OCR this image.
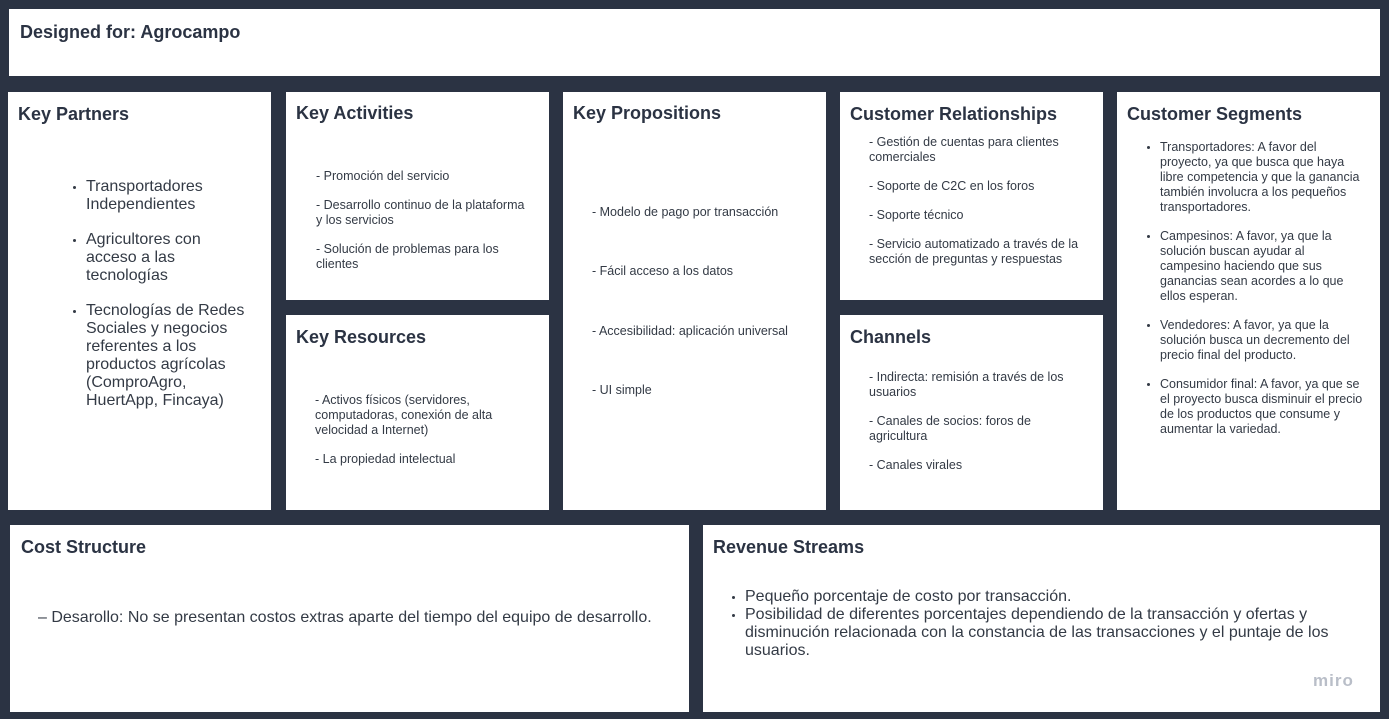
Designed for: Agrocampo
Key Partners
• Transportadores Independientes
• Agricultores con acceso a las tecnologías
• Tecnologías de Redes Sociales y negocios referentes a los productos agrícolas (ComproAgro, HuertApp, Fincaya)
Key Activities
- Promoción del servicio
- Desarrollo continuo de la plataforma y los servicios
- Solución de problemas para los clientes
Key Resources
- Activos físicos (servidores, computadoras, conexión de alta velocidad a Internet)
- La propiedad intelectual
Key Propositions
- Modelo de pago por transacción
- Fácil acceso a los datos
- Accesibilidad: aplicación universal
- UI simple
Customer Relationships
- Gestión de cuentas para clientes comerciales
- Soporte de C2C en los foros
- Soporte técnico
- Servicio automatizado a través de la sección de preguntas y respuestas
Channels
- Indirecta: remisión a través de los usuarios
- Canales de socios: foros de agricultura
- Canales virales
Customer Segments
• Transportadores: A favor del proyecto, ya que busca que haya libre competencia y que la ganancia también involucra a los pequeños transportadores.
• Campesinos: A favor, ya que la solución buscan ayudar al campesino haciendo que sus ganancias sean acordes a lo que ellos esperan.
• Vendedores: A favor, ya que la solución busca un decremento del precio final del producto.
• Consumidor final: A favor, ya que se el proyecto busca disminuir el precio de los productos que consume y aumentar la variedad.
Cost Structure
– Desarollo: No se presentan costos extras aparte del tiempo del equipo de desarrollo.
Revenue Streams
• Pequeño porcentaje de costo por transacción.
• Posibilidad de diferentes porcentajes dependiendo de la transacción y ofertas y disminución relacionada con la constancia de las transacciones y el puntaje de los usuarios.
miro
